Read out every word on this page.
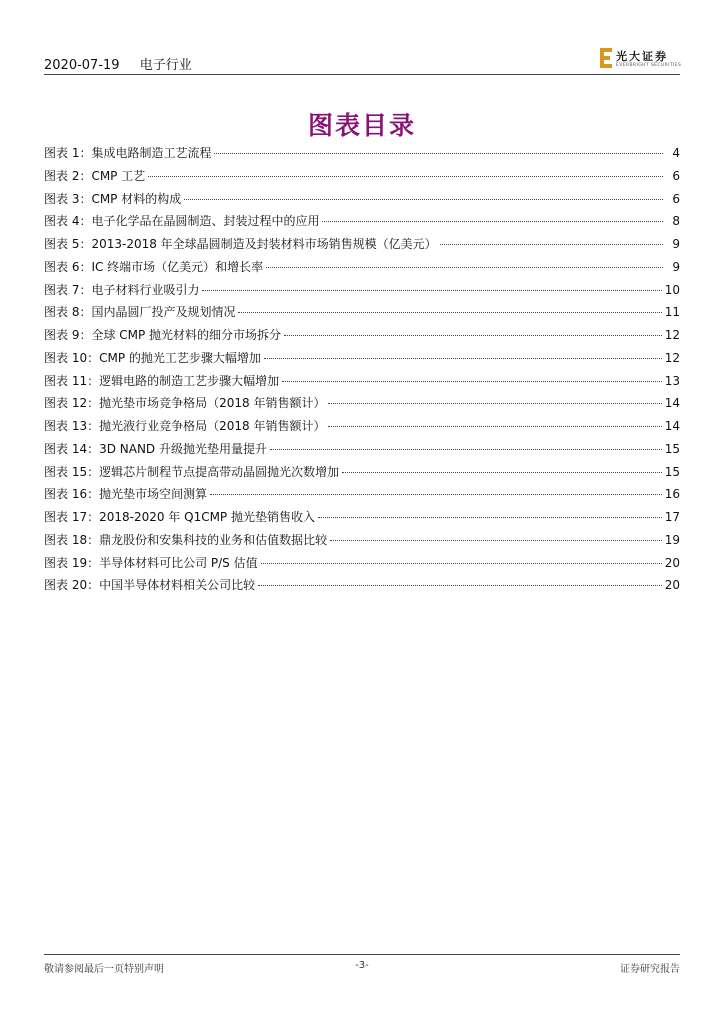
2020-07-19 电子行业
光大证券
EVERBRIGHT SECURITIES
图表目录
图表 1：集成电路制造工艺流程	4
图表 2：CMP 工艺	6
图表 3：CMP 材料的构成	6
图表 4：电子化学品在晶圆制造、封装过程中的应用	8
图表 5：2013-2018 年全球晶圆制造及封装材料市场销售规模（亿美元）	9
图表 6：IC 终端市场（亿美元）和增长率	9
图表 7：电子材料行业吸引力	10
图表 8：国内晶圆厂投产及规划情况	11
图表 9：全球 CMP 抛光材料的细分市场拆分	12
图表 10：CMP 的抛光工艺步骤大幅增加	12
图表 11：逻辑电路的制造工艺步骤大幅增加	13
图表 12：抛光垫市场竞争格局（2018 年销售额计）	14
图表 13：抛光液行业竞争格局（2018 年销售额计）	14
图表 14：3D NAND 升级抛光垫用量提升	15
图表 15：逻辑芯片制程节点提高带动晶圆抛光次数增加	15
图表 16：抛光垫市场空间测算	16
图表 17：2018-2020 年 Q1CMP 抛光垫销售收入	17
图表 18：鼎龙股份和安集科技的业务和估值数据比较	19
图表 19：半导体材料可比公司 P/S 估值	20
图表 20：中国半导体材料相关公司比较	20
敬请参阅最后一页特别声明	-3-	证券研究报告
